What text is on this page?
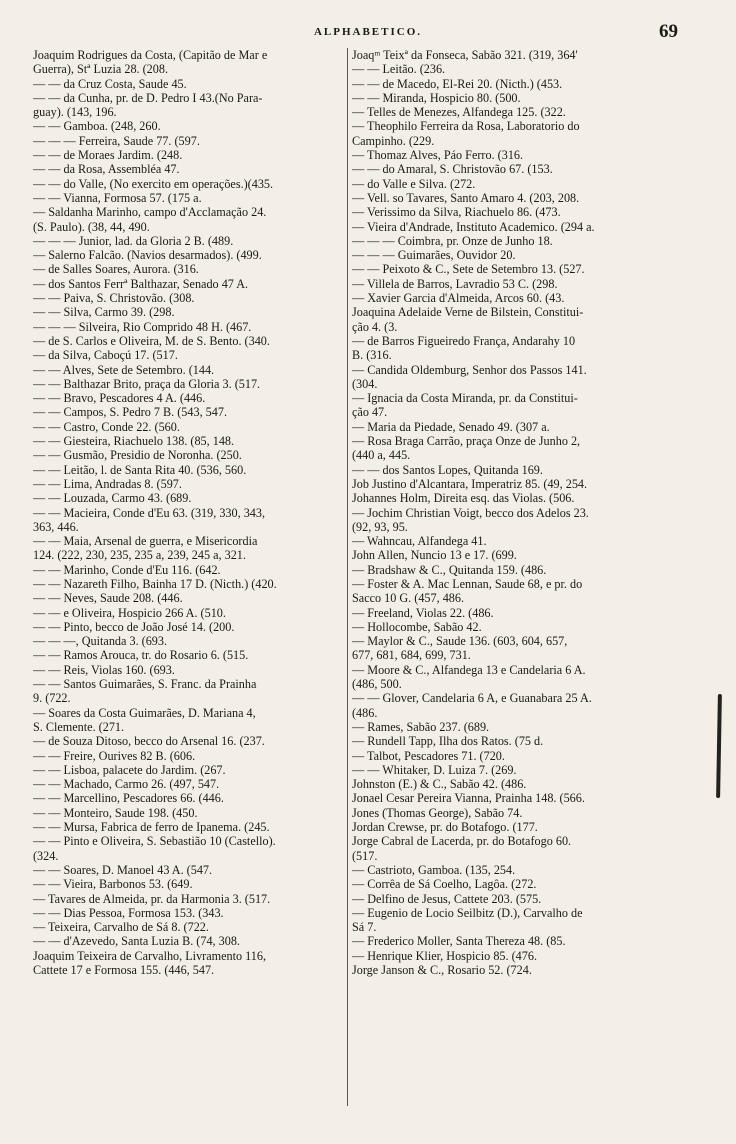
ALPHABETICO.	69
Joaquim Rodrigues da Costa, (Capitão de Mar e
Guerra), Stª Luzia 28. (208.
— — da Cruz Costa, Saude 45.
— — da Cunha, pr. de D. Pedro I 43.(No Para-
guay). (143, 196.
— — Gamboa. (248, 260.
— — — Ferreira, Saude 77. (597.
— — de Moraes Jardim. (248.
— — da Rosa, Assembléa 47.
— — do Valle, (No exercito em operações.)(435.
— — Vianna, Formosa 57. (175 a.
— Saldanha Marinho, campo d'Acclamação 24.
(S. Paulo). (38, 44, 490.
— — — Junior, lad. da Gloria 2 B. (489.
— Salerno Falcão. (Navios desarmados). (499.
— de Salles Soares, Aurora. (316.
— dos Santos Ferrª Balthazar, Senado 47 A.
— — Paiva, S. Christovão. (308.
— — Silva, Carmo 39. (298.
— — — Silveira, Rio Comprido 48 H. (467.
— de S. Carlos e Oliveira, M. de S. Bento. (340.
— da Silva, Caboçú 17. (517.
— — Alves, Sete de Setembro. (144.
— — Balthazar Brito, praça da Gloria 3. (517.
— — Bravo, Pescadores 4 A. (446.
— — Campos, S. Pedro 7 B. (543, 547.
— — Castro, Conde 22. (560.
— — Giesteira, Riachuelo 138. (85, 148.
— — Gusmão, Presidio de Noronha. (250.
— — Leitão, l. de Santa Rita 40. (536, 560.
— — Lima, Andradas 8. (597.
— — Louzada, Carmo 43. (689.
— — Macieira, Conde d'Eu 63. (319, 330, 343,
363, 446.
— — Maia, Arsenal de guerra, e Misericordia
124. (222, 230, 235, 235 a, 239, 245 a, 321.
— — Marinho, Conde d'Eu 116. (642.
— — Nazareth Filho, Bainha 17 D. (Nicth.) (420.
— — Neves, Saude 208. (446.
— — e Oliveira, Hospicio 266 A. (510.
— — Pinto, becco de João José 14. (200.
— — —, Quitanda 3. (693.
— — Ramos Arouca, tr. do Rosario 6. (515.
— — Reis, Violas 160. (693.
— — Santos Guimarães, S. Franc. da Prainha
9. (722.
— Soares da Costa Guimarães, D. Mariana 4,
S. Clemente. (271.
— de Souza Ditoso, becco do Arsenal 16. (237.
— — Freire, Ourives 82 B. (606.
— — Lisboa, palacete do Jardim. (267.
— — Machado, Carmo 26. (497, 547.
— — Marcellino, Pescadores 66. (446.
— — Monteiro, Saude 198. (450.
— — Mursa, Fabrica de ferro de Ipanema. (245.
— — Pinto e Oliveira, S. Sebastião 10 (Castello).
(324.
— — Soares, D. Manoel 43 A. (547.
— — Vieira, Barbonos 53. (649.
— Tavares de Almeida, pr. da Harmonia 3. (517.
— — Dias Pessoa, Formosa 153. (343.
— Teixeira, Carvalho de Sá 8. (722.
— — d'Azevedo, Santa Luzia B. (74, 308.
Joaquim Teixeira de Carvalho, Livramento 116,
Cattete 17 e Formosa 155. (446, 547.
Joaqᵐ Teixª da Fonseca, Sabão 321. (319, 364'
— — Leitão. (236.
— — de Macedo, El-Rei 20. (Nicth.) (453.
— — Miranda, Hospicio 80. (500.
— Telles de Menezes, Alfandega 125. (322.
— Theophilo Ferreira da Rosa, Laboratorio do
Campinho. (229.
— Thomaz Alves, Páo Ferro. (316.
— — do Amaral, S. Christovão 67. (153.
— do Valle e Silva. (272.
— Vell. so Tavares, Santo Amaro 4. (203, 208.
— Verissimo da Silva, Riachuelo 86. (473.
— Vieira d'Andrade, Instituto Academico. (294 a.
— — — Coimbra, pr. Onze de Junho 18.
— — — Guimarães, Ouvidor 20.
— — Peixoto & C., Sete de Setembro 13. (527.
— Villela de Barros, Lavradio 53 C. (298.
— Xavier Garcia d'Almeida, Arcos 60. (43.
Joaquina Adelaide Verne de Bilstein, Constitui-
ção 4. (3.
— de Barros Figueiredo França, Andarahy 10
B. (316.
— Candida Oldemburg, Senhor dos Passos 141.
(304.
— Ignacia da Costa Miranda, pr. da Constitui-
ção 47.
— Maria da Piedade, Senado 49. (307 a.
— Rosa Braga Carrão, praça Onze de Junho 2,
(440 a, 445.
— — dos Santos Lopes, Quitanda 169.
Job Justino d'Alcantara, Imperatriz 85. (49, 254.
Johannes Holm, Direita esq. das Violas. (506.
— Jochim Christian Voigt, becco dos Adelos 23.
(92, 93, 95.
— Wahncau, Alfandega 41.
John Allen, Nuncio 13 e 17. (699.
— Bradshaw & C., Quitanda 159. (486.
— Foster & A. Mac Lennan, Saude 68, e pr. do
Sacco 10 G. (457, 486.
— Freeland, Violas 22. (486.
— Hollocombe, Sabão 42.
— Maylor & C., Saude 136. (603, 604, 657,
677, 681, 684, 699, 731.
— Moore & C., Alfandega 13 e Candelaria 6 A.
(486, 500.
— — Glover, Candelaria 6 A, e Guanabara 25 A.
(486.
— Rames, Sabão 237. (689.
— Rundell Tapp, Ilha dos Ratos. (75 d.
— Talbot, Pescadores 71. (720.
— — Whitaker, D. Luiza 7. (269.
Johnston (E.) & C., Sabão 42. (486.
Jonael Cesar Pereira Vianna, Prainha 148. (566.
Jones (Thomas George), Sabão 74.
Jordan Crewse, pr. do Botafogo. (177.
Jorge Cabral de Lacerda, pr. do Botafogo 60.
(517.
— Castrioto, Gamboa. (135, 254.
— Corrêa de Sá Coelho, Lagôa. (272.
— Delfino de Jesus, Cattete 203. (575.
— Eugenio de Locio Seilbitz (D.), Carvalho de
Sá 7.
— Frederico Moller, Santa Thereza 48. (85.
— Henrique Klier, Hospicio 85. (476.
Jorge Janson & C., Rosario 52. (724.
